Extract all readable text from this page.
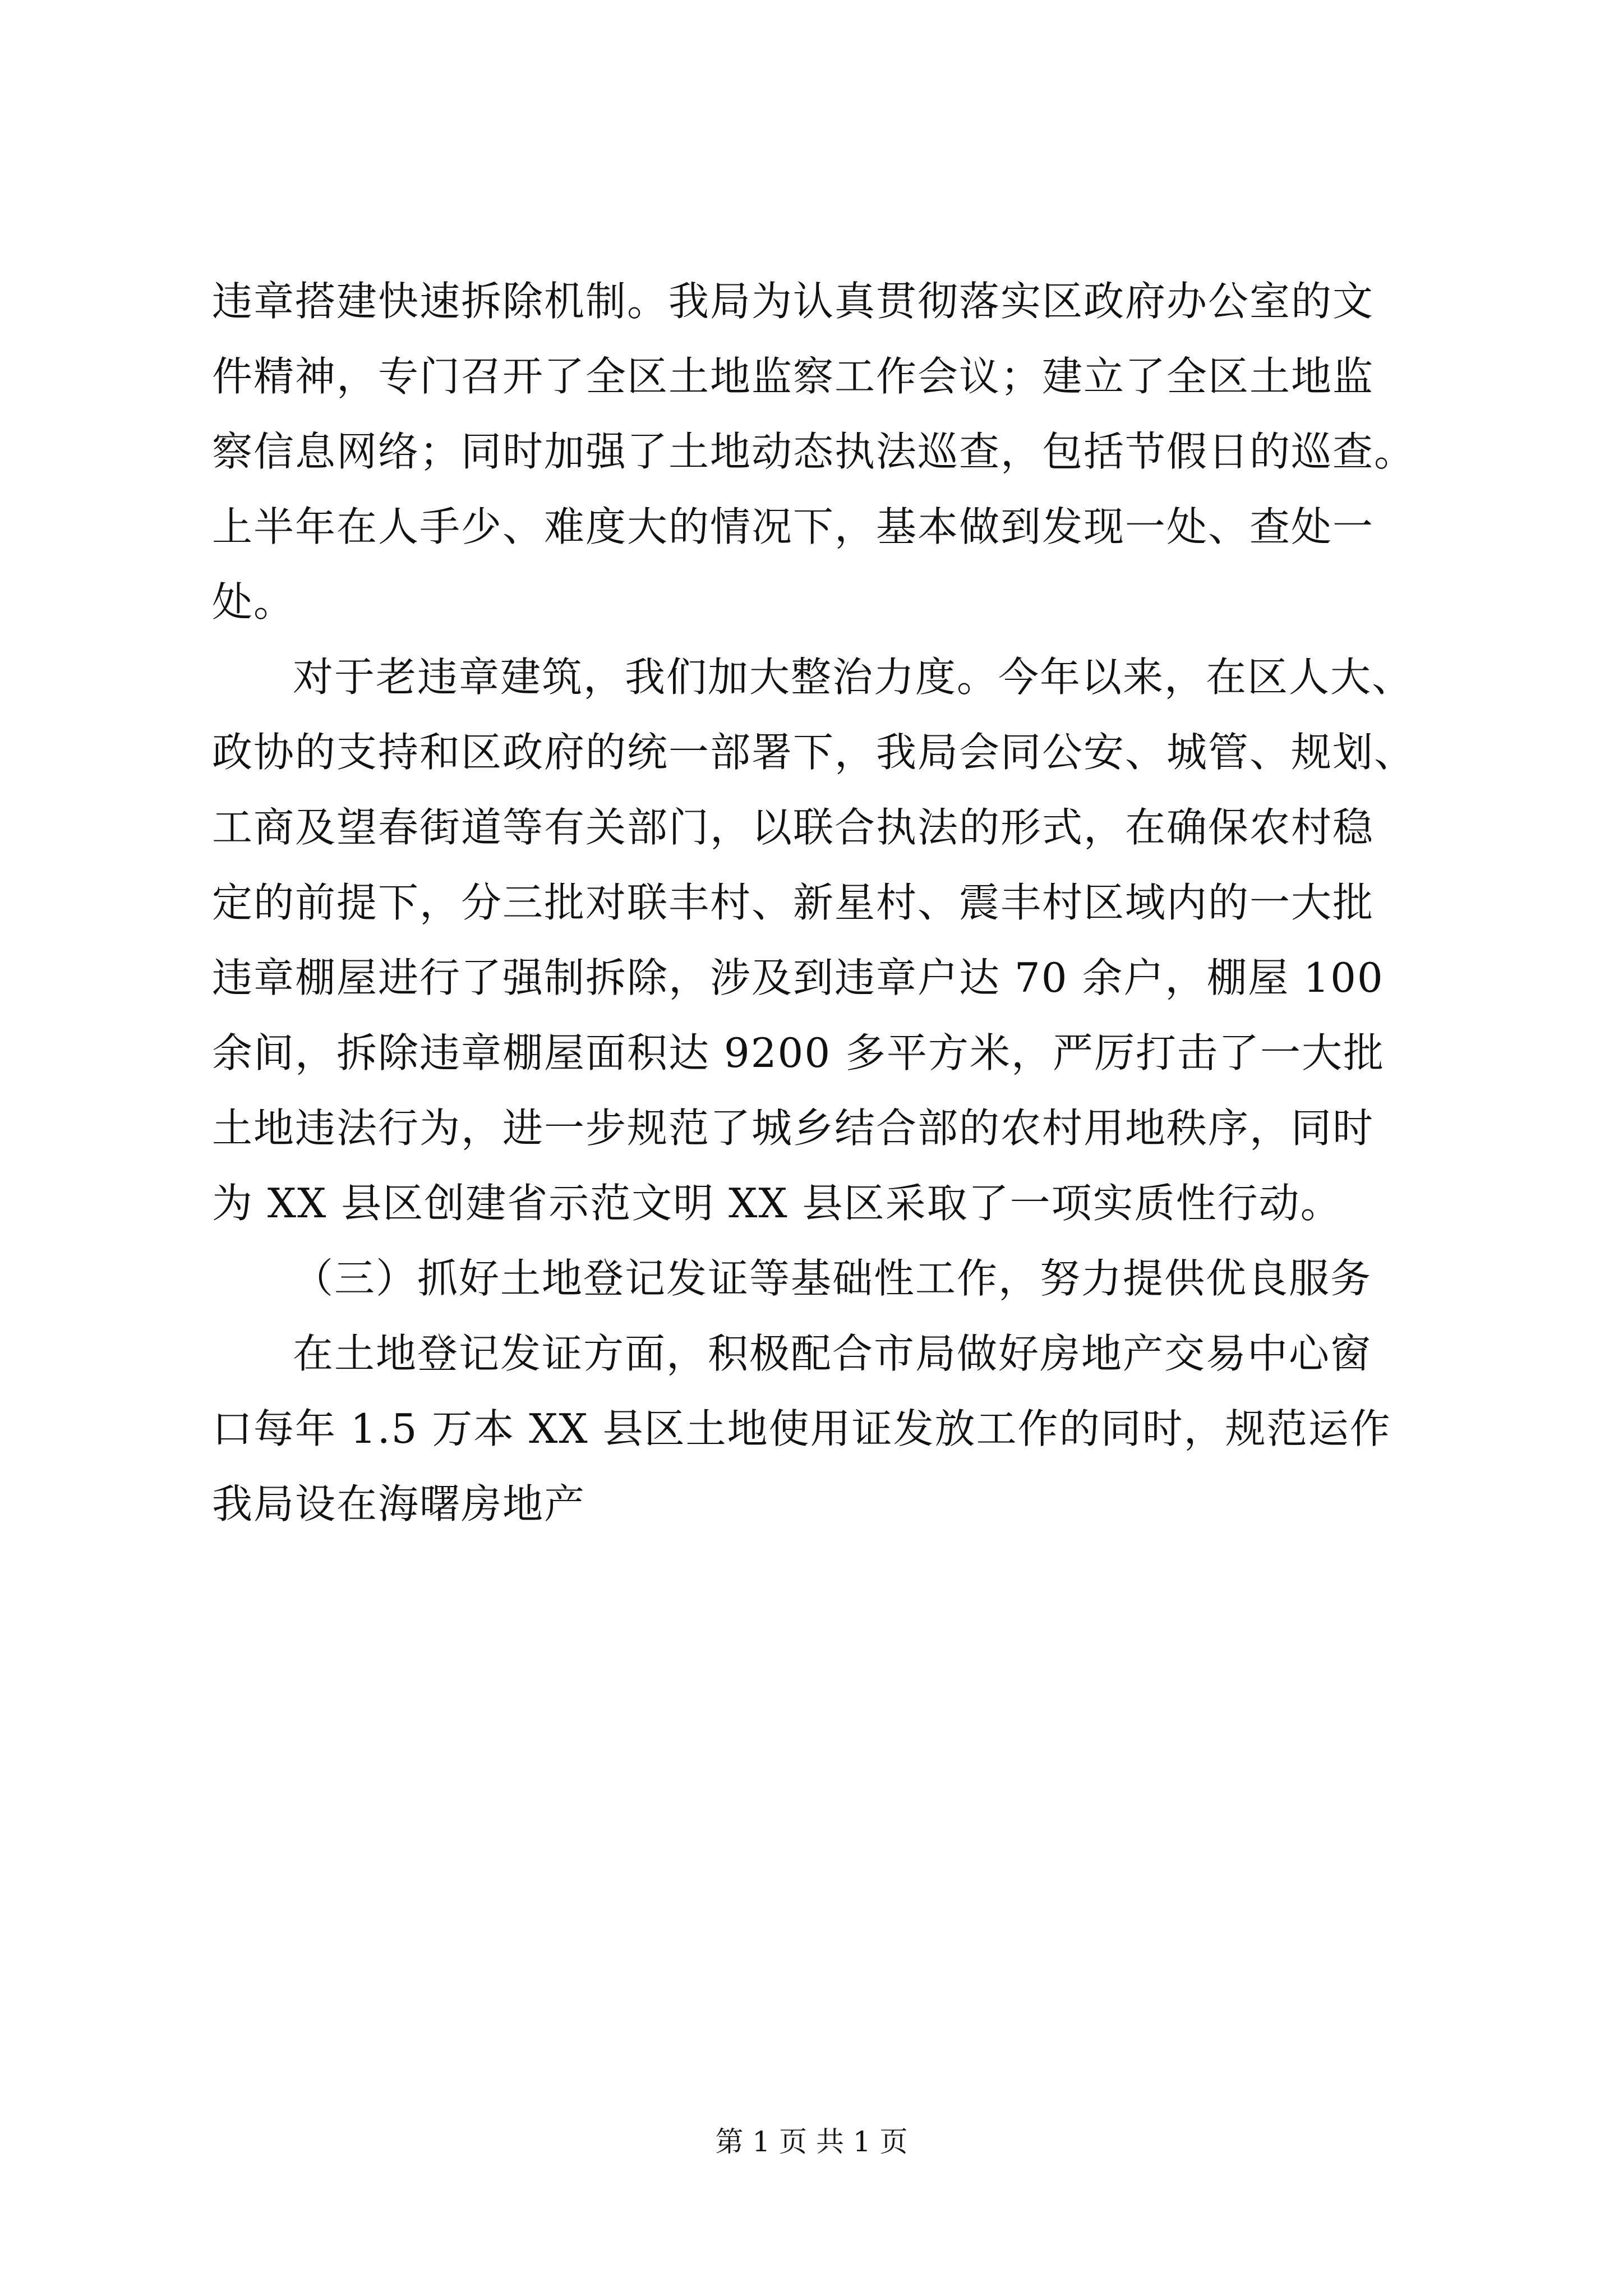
违章搭建快速拆除机制。我局为认真贯彻落实区政府办公室的文
件精神，专门召开了全区土地监察工作会议；建立了全区土地监
察信息网络；同时加强了土地动态执法巡查，包括节假日的巡查。
上半年在人手少、难度大的情况下，基本做到发现一处、查处一
处。
对于老违章建筑，我们加大整治力度。今年以来，在区人大、
政协的支持和区政府的统一部署下，我局会同公安、城管、规划、
工商及望春街道等有关部门，以联合执法的形式，在确保农村稳
定的前提下，分三批对联丰村、新星村、震丰村区域内的一大批
违章棚屋进行了强制拆除，涉及到违章户达 70 余户，棚屋 100
余间，拆除违章棚屋面积达 9200 多平方米，严厉打击了一大批
土地违法行为，进一步规范了城乡结合部的农村用地秩序，同时
为 XX 县区创建省示范文明 XX 县区采取了一项实质性行动。
（三）抓好土地登记发证等基础性工作，努力提供优良服务
在土地登记发证方面，积极配合市局做好房地产交易中心窗
口每年 1.5 万本 XX 县区土地使用证发放工作的同时，规范运作
我局设在海曙房地产
第 1 页 共 1 页
